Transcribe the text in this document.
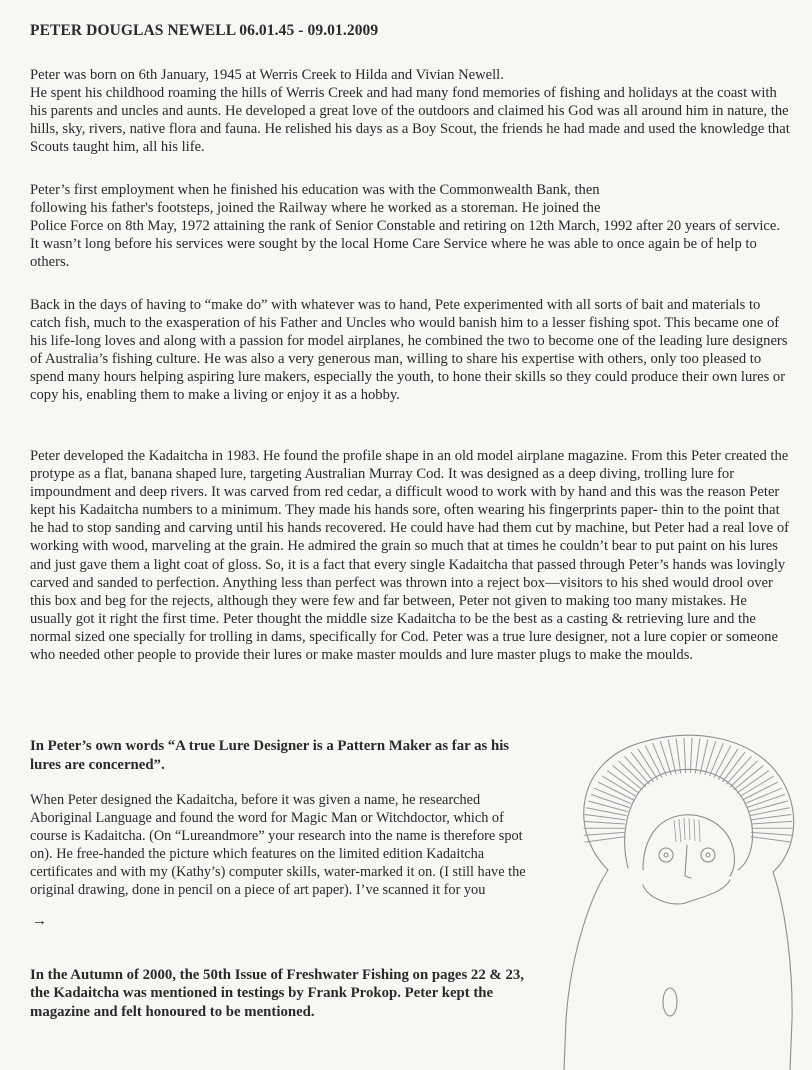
PETER DOUGLAS NEWELL 06.01.45 - 09.01.2009

Peter was born on 6th January, 1945 at Werris Creek to Hilda and Vivian Newell.
He spent his childhood roaming the hills of Werris Creek and had many fond memories of fishing and holidays at the coast with his parents and uncles and aunts. He developed a great love of the outdoors and claimed his God was all around him in nature, the hills, sky, rivers, native flora and fauna. He relished his days as a Boy Scout, the friends he had made and used the knowledge that Scouts taught him, all his life.

Peter’s first employment when he finished his education was with the Commonwealth Bank, then
following his father's footsteps, joined the Railway where he worked as a storeman. He joined the
Police Force on 8th May, 1972 attaining the rank of Senior Constable and retiring on 12th March, 1992 after 20 years of service. It wasn’t long before his services were sought by the local Home Care Service where he was able to once again be of help to others.

Back in the days of having to “make do” with whatever was to hand, Pete experimented with all sorts of bait and materials to catch fish, much to the exasperation of his Father and Uncles who would banish him to a lesser fishing spot. This became one of his life-long loves and along with a passion for model airplanes, he combined the two to become one of the leading lure designers of Australia’s fishing culture. He was also a very generous man, willing to share his expertise with others, only too pleased to spend many hours helping aspiring lure makers, especially the youth, to hone their skills so they could produce their own lures or copy his, enabling them to make a living or enjoy it as a hobby.

Peter developed the Kadaitcha in 1983. He found the profile shape in an old model airplane magazine. From this Peter created the protype as a flat, banana shaped lure, targeting Australian Murray Cod. It was designed as a deep diving, trolling lure for impoundment and deep rivers. It was carved from red cedar, a difficult wood to work with by hand and this was the reason Peter kept his Kadaitcha numbers to a minimum. They made his hands sore, often wearing his fingerprints paper- thin to the point that he had to stop sanding and carving until his hands recovered. He could have had them cut by machine, but Peter had a real love of working with wood, marveling at the grain. He admired the grain so much that at times he couldn’t bear to put paint on his lures and just gave them a light coat of gloss. So, it is a fact that every single Kadaitcha that passed through Peter’s hands was lovingly carved and sanded to perfection. Anything less than perfect was thrown into a reject box—visitors to his shed would drool over this box and beg for the rejects, although they were few and far between, Peter not given to making too many mistakes. He usually got it right the first time. Peter thought the middle size Kadaitcha to be the best as a casting & retrieving lure and the normal sized one specially for trolling in dams, specifically for Cod. Peter was a true lure designer, not a lure copier or someone who needed other people to provide their lures or make master moulds and lure master plugs to make the moulds.

In Peter’s own words “A true Lure Designer is a Pattern Maker as far as his lures are concerned”.

When Peter designed the Kadaitcha, before it was given a name, he researched Aboriginal Language and found the word for Magic Man or Witchdoctor, which of course is Kadaitcha. (On “Lureandmore” your research into the name is therefore spot on). He free-handed the picture which features on the limited edition Kadaitcha certificates and with my (Kathy’s) computer skills, water-marked it on. (I still have the original drawing, done in pencil on a piece of art paper). I’ve scanned it for you

→

In the Autumn of 2000, the 50th Issue of Freshwater Fishing on pages 22 & 23, the Kadaitcha was mentioned in testings by Frank Prokop. Peter kept the magazine and felt honoured to be mentioned.
